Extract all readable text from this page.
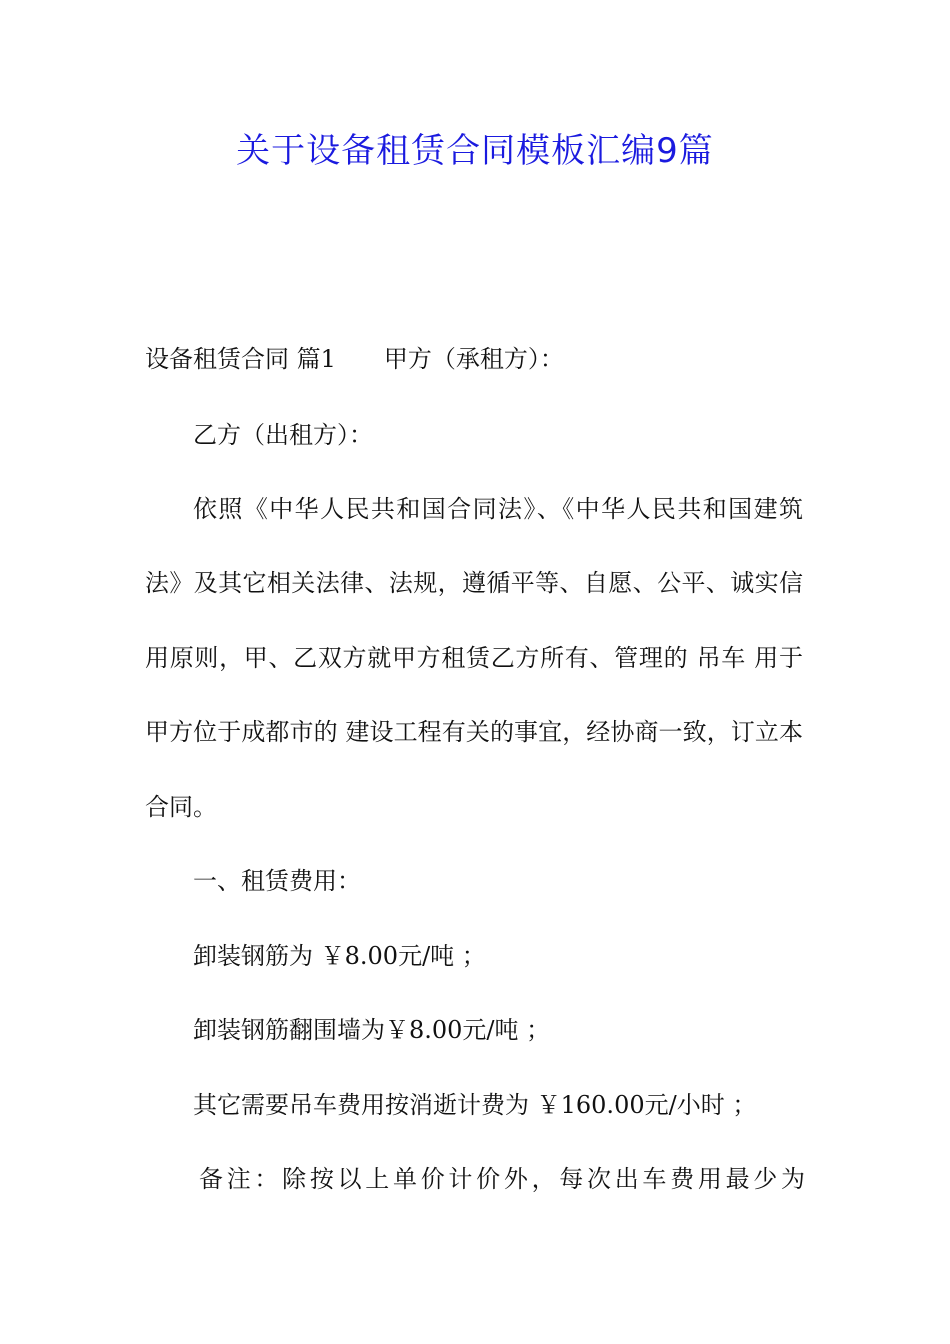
关于设备租赁合同模板汇编9篇
设备租赁合同 篇1 甲方（承租方）：
乙方（出租方）：
依照《中华人民共和国合同法》、《中华人民共和国建筑
法》及其它相关法律、法规，遵循平等、自愿、公平、诚实信
用原则，甲、乙双方就甲方租赁乙方所有、管理的 吊车 用于
甲方位于成都市的 建设工程有关的事宜，经协商一致，订立本
合同。
一、租赁费用：
卸装钢筋为 ￥8.00元/吨 ；
卸装钢筋翻围墙为￥8.00元/吨 ；
其它需要吊车费用按消逝计费为 ￥160.00元/小时 ；
备注：除按以上单价计价外，每次出车费用最少为
